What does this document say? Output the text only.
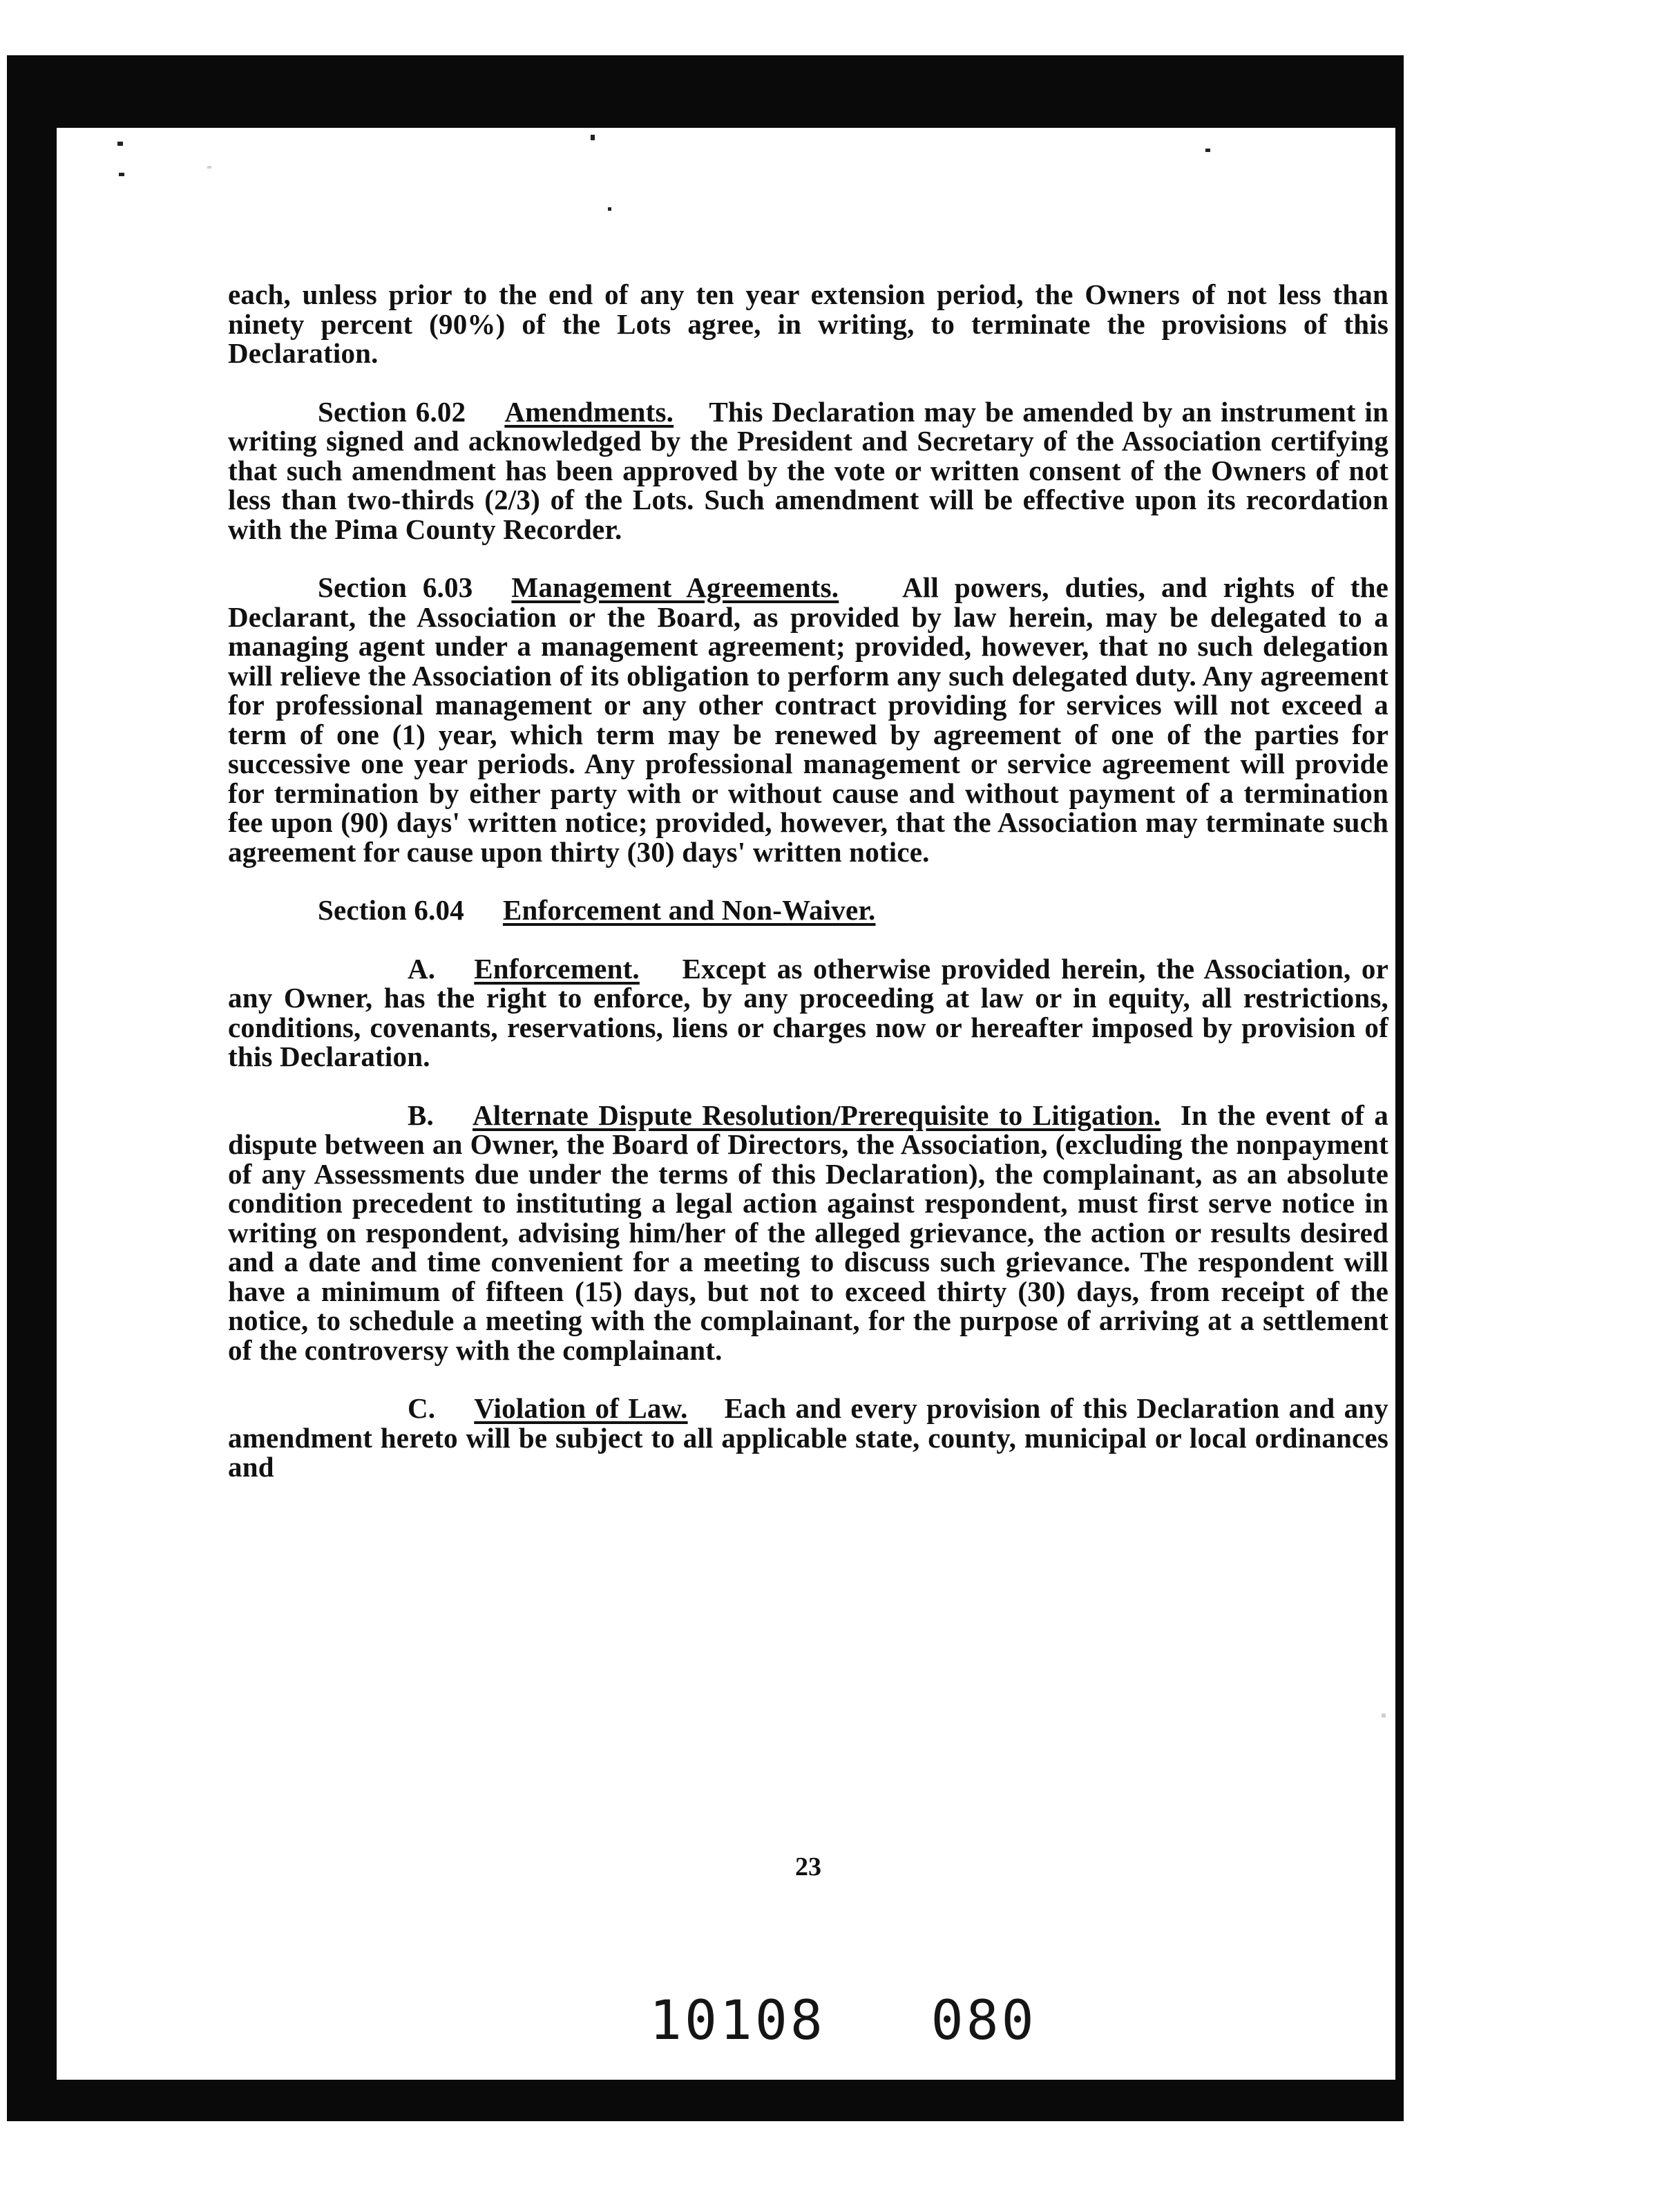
each, unless prior to the end of any ten year extension period, the Owners of not less than ninety percent (90%) of the Lots agree, in writing, to terminate the provisions of this Declaration.

Section 6.02 Amendments. This Declaration may be amended by an instrument in writing signed and acknowledged by the President and Secretary of the Association certifying that such amendment has been approved by the vote or written consent of the Owners of not less than two-thirds (2/3) of the Lots. Such amendment will be effective upon its recordation with the Pima County Recorder.

Section 6.03 Management Agreements. All powers, duties, and rights of the Declarant, the Association or the Board, as provided by law herein, may be delegated to a managing agent under a management agreement; provided, however, that no such delegation will relieve the Association of its obligation to perform any such delegated duty. Any agreement for professional management or any other contract providing for services will not exceed a term of one (1) year, which term may be renewed by agreement of one of the parties for successive one year periods. Any professional management or service agreement will provide for termination by either party with or without cause and without payment of a termination fee upon (90) days' written notice; provided, however, that the Association may terminate such agreement for cause upon thirty (30) days' written notice.

Section 6.04 Enforcement and Non-Waiver.

A. Enforcement. Except as otherwise provided herein, the Association, or any Owner, has the right to enforce, by any proceeding at law or in equity, all restrictions, conditions, covenants, reservations, liens or charges now or hereafter imposed by provision of this Declaration.

B. Alternate Dispute Resolution/Prerequisite to Litigation. In the event of a dispute between an Owner, the Board of Directors, the Association, (excluding the nonpayment of any Assessments due under the terms of this Declaration), the complainant, as an absolute condition precedent to instituting a legal action against respondent, must first serve notice in writing on respondent, advising him/her of the alleged grievance, the action or results desired and a date and time convenient for a meeting to discuss such grievance. The respondent will have a minimum of fifteen (15) days, but not to exceed thirty (30) days, from receipt of the notice, to schedule a meeting with the complainant, for the purpose of arriving at a settlement of the controversy with the complainant.

C. Violation of Law. Each and every provision of this Declaration and any amendment hereto will be subject to all applicable state, county, municipal or local ordinances and

23
10108   080
